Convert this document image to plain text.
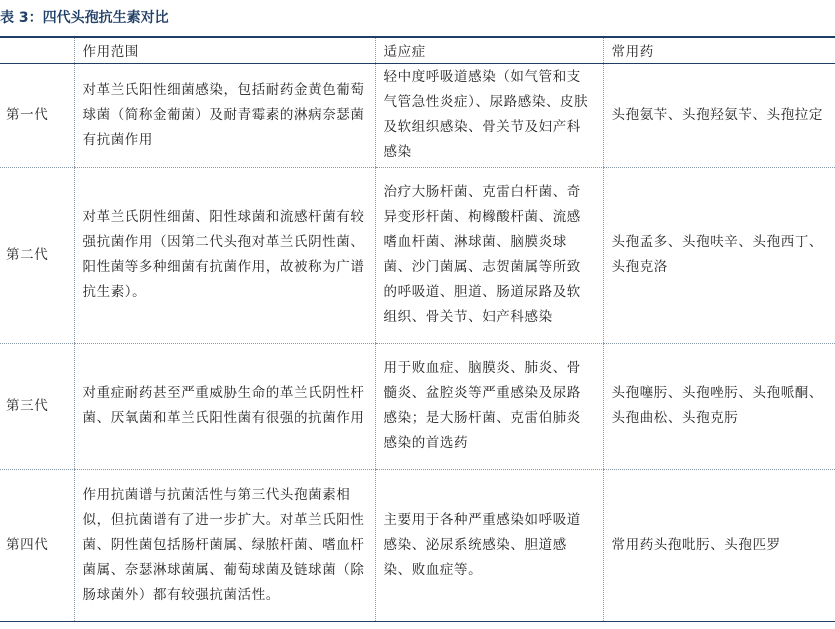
表 3：四代头孢抗生素对比
	作用范围	适应症	常用药
第一代	对革兰氏阳性细菌感染，包括耐药金黄色葡萄球菌（简称金葡菌）及耐青霉素的淋病奈瑟菌有抗菌作用	轻中度呼吸道感染（如气管和支气管急性炎症）、尿路感染、皮肤及软组织感染、骨关节及妇产科感染	头孢氨苄、头孢羟氨苄、头孢拉定
第二代	对革兰氏阴性细菌、阳性球菌和流感杆菌有较强抗菌作用（因第二代头孢对革兰氏阴性菌、阳性菌等多种细菌有抗菌作用，故被称为广谱抗生素）。	治疗大肠杆菌、克雷白杆菌、奇异变形杆菌、枸橼酸杆菌、流感嗜血杆菌、淋球菌、脑膜炎球菌、沙门菌属、志贺菌属等所致的呼吸道、胆道、肠道尿路及软组织、骨关节、妇产科感染	头孢孟多、头孢呋辛、头孢西丁、头孢克洛
第三代	对重症耐药甚至严重威胁生命的革兰氏阴性杆菌、厌氧菌和革兰氏阳性菌有很强的抗菌作用	用于败血症、脑膜炎、肺炎、骨髓炎、盆腔炎等严重感染及尿路感染；是大肠杆菌、克雷伯肺炎感染的首选药	头孢噻肟、头孢唑肟、头孢哌酮、头孢曲松、头孢克肟
第四代	作用抗菌谱与抗菌活性与第三代头孢菌素相似，但抗菌谱有了进一步扩大。对革兰氏阳性菌、阴性菌包括肠杆菌属、绿脓杆菌、嗜血杆菌属、奈瑟淋球菌属、葡萄球菌及链球菌（除肠球菌外）都有较强抗菌活性。	主要用于各种严重感染如呼吸道感染、泌尿系统感染、胆道感染、败血症等。	常用药头孢吡肟、头孢匹罗
